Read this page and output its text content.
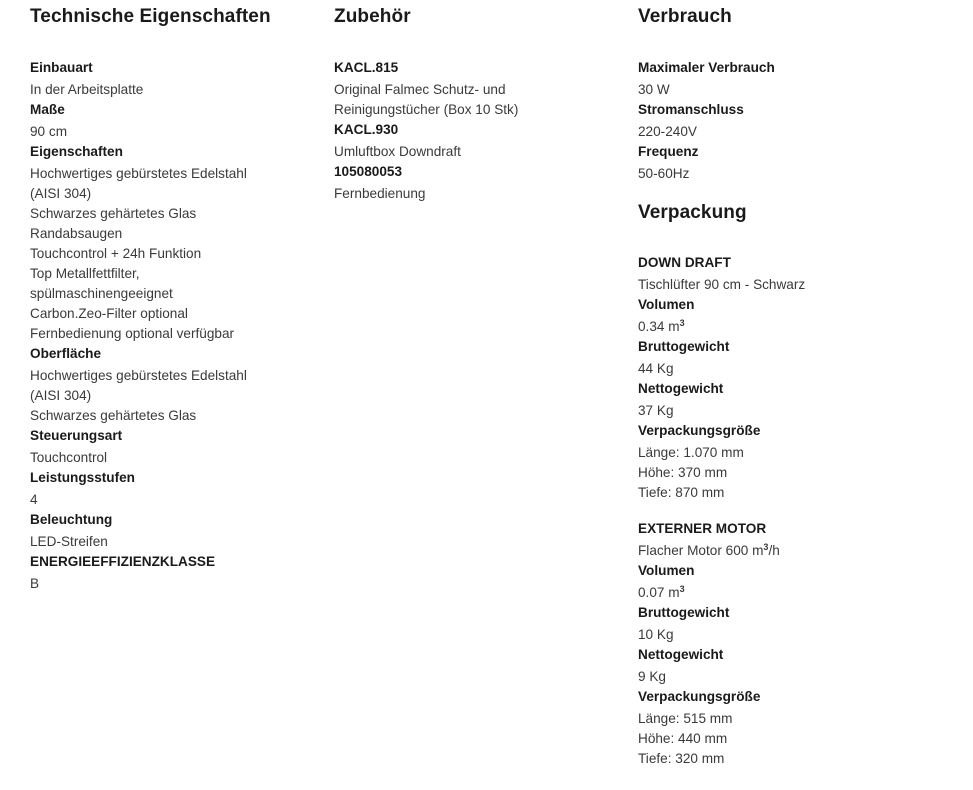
Technische Eigenschaften
Einbauart
In der Arbeitsplatte
Maße
90 cm
Eigenschaften
Hochwertiges gebürstetes Edelstahl
(AISI 304)
Schwarzes gehärtetes Glas
Randabsaugen
Touchcontrol + 24h Funktion
Top Metallfettfilter,
spülmaschinengeeignet
Carbon.Zeo-Filter optional
Fernbedienung optional verfügbar
Oberfläche
Hochwertiges gebürstetes Edelstahl
(AISI 304)
Schwarzes gehärtetes Glas
Steuerungsart
Touchcontrol
Leistungsstufen
4
Beleuchtung
LED-Streifen
ENERGIEEFFIZIENZKLASSE
B
Zubehör
KACL.815
Original Falmec Schutz- und
Reinigungstücher (Box 10 Stk)
KACL.930
Umluftbox Downdraft
105080053
Fernbedienung
Verbrauch
Maximaler Verbrauch
30 W
Stromanschluss
220-240V
Frequenz
50-60Hz
Verpackung
DOWN DRAFT
Tischlüfter 90 cm - Schwarz
Volumen
0.34 $m^3$
Bruttogewicht
44 Kg
Nettogewicht
37 Kg
Verpackungsgröße
Länge: 1.070 mm
Höhe: 370 mm
Tiefe: 870 mm
EXTERNER MOTOR
Flacher Motor 600 $m^3/h$
Volumen
0.07 $m^3$
Bruttogewicht
10 Kg
Nettogewicht
9 Kg
Verpackungsgröße
Länge: 515 mm
Höhe: 440 mm
Tiefe: 320 mm
